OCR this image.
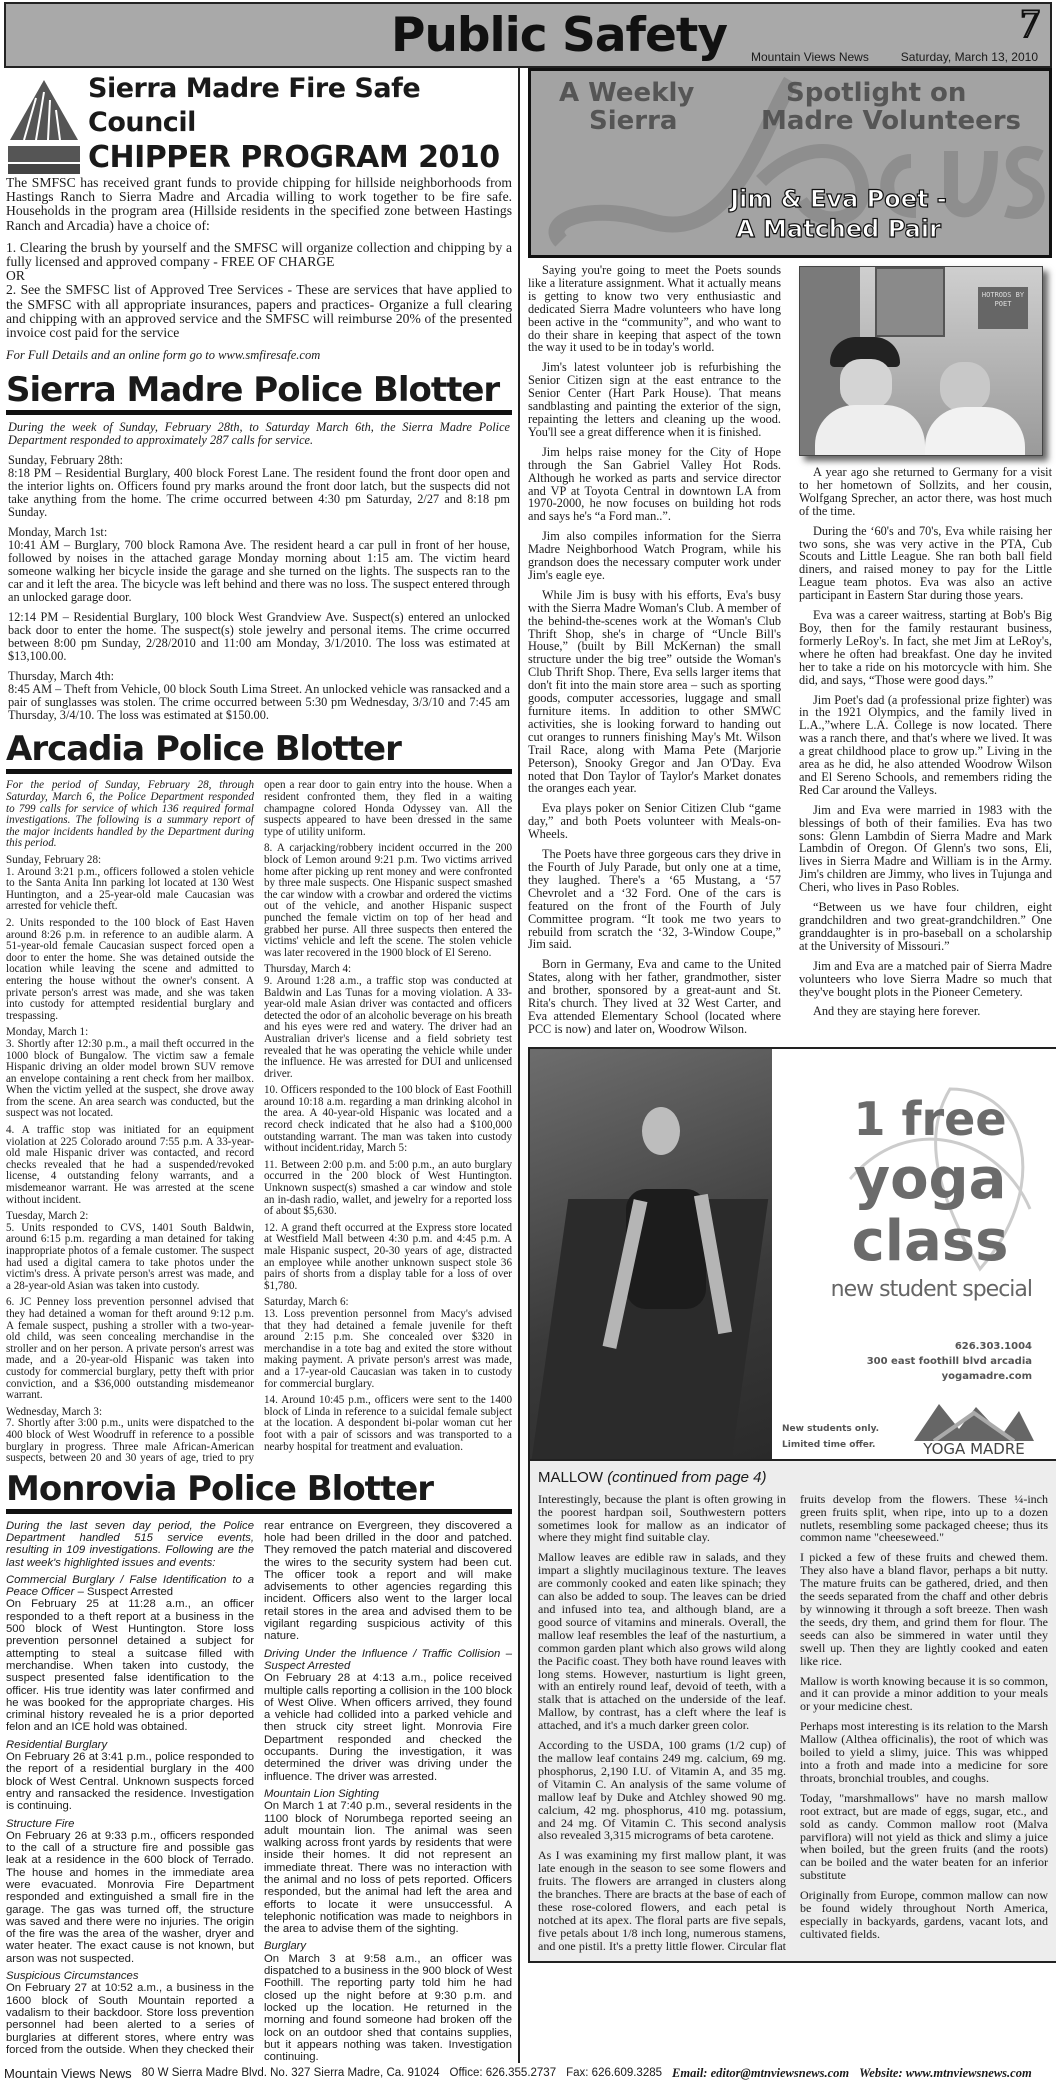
Public Safety Mountain Views News	Saturday, March 13, 2010
7
Sierra Madre Fire Safe Council
CHIPPER PROGRAM 2010

The SMFSC has received grant funds to provide chipping for hillside neighborhoods from Hastings Ranch to Sierra Madre and Arcadia willing to work together to be fire safe. Households in the program area (Hillside residents in the specified zone between Hastings Ranch and Arcadia) have a choice of:

1. Clearing the brush by yourself and the SMFSC will organize collection and chipping by a fully licensed and approved company - FREE OF CHARGE

OR

2. See the SMFSC list of Approved Tree Services - These are services that have applied to the SMFSC with all appropriate insurances, papers and practices- Organize a full clearing and chipping with an approved service and the SMFSC will reimburse 20% of the presented invoice cost paid for the service

For Full Details and an online form go to www.smfiresafe.com

Sierra Madre Police Blotter

During the week of Sunday, February 28th, to Saturday March 6th, the Sierra Madre Police Department responded to approximately 287 calls for service.

Sunday, February 28th:
8:18 PM – Residential Burglary, 400 block Forest Lane. The resident found the front door open and the interior lights on. Officers found pry marks around the front door latch, but the suspects did not take anything from the home. The crime occurred between 4:30 pm Saturday, 2/27 and 8:18 pm Sunday.

Monday, March 1st:
10:41 AM – Burglary, 700 block Ramona Ave. The resident heard a car pull in front of her house, followed by noises in the attached garage Monday morning about 1:15 am. The victim heard someone walking her bicycle inside the garage and she turned on the lights. The suspects ran to the car and it left the area. The bicycle was left behind and there was no loss. The suspect entered through an unlocked garage door.

12:14 PM – Residential Burglary, 100 block West Grandview Ave. Suspect(s) entered an unlocked back door to enter the home. The suspect(s) stole jewelry and personal items. The crime occurred between 8:00 pm Sunday, 2/28/2010 and 11:00 am Monday, 3/1/2010. The loss was estimated at $13,100.00.

Thursday, March 4th:
8:45 AM – Theft from Vehicle, 00 block South Lima Street. An unlocked vehicle was ransacked and a pair of sunglasses was stolen. The crime occurred between 5:30 pm Wednesday, 3/3/10 and 7:45 am Thursday, 3/4/10. The loss was estimated at $150.00.

Arcadia Police Blotter

For the period of Sunday, February 28, through Saturday, March 6, the Police Department responded to 799 calls for service of which 136 required formal investigations. The following is a summary report of the major incidents handled by the Department during this period.

Sunday, February 28:
1. Around 3:21 p.m., officers followed a stolen vehicle to the Santa Anita Inn parking lot located at 130 West Huntington, and a 25-year-old male Caucasian was arrested for vehicle theft.

2. Units responded to the 100 block of East Haven around 8:26 p.m. in reference to an audible alarm. A 51-year-old female Caucasian suspect forced open a door to enter the home. She was detained outside the location while leaving the scene and admitted to entering the house without the owner's consent. A private person's arrest was made, and she was taken into custody for attempted residential burglary and trespassing.

Monday, March 1:
3. Shortly after 12:30 p.m., a mail theft occurred in the 1000 block of Bungalow. The victim saw a female Hispanic driving an older model brown SUV remove an envelope containing a rent check from her mailbox. When the victim yelled at the suspect, she drove away from the scene. An area search was conducted, but the suspect was not located.

4. A traffic stop was initiated for an equipment violation at 225 Colorado around 7:55 p.m. A 33-year-old male Hispanic driver was contacted, and record checks revealed that he had a suspended/revoked license, 4 outstanding felony warrants, and a misdemeanor warrant. He was arrested at the scene without incident.

Tuesday, March 2:
5. Units responded to CVS, 1401 South Baldwin, around 6:15 p.m. regarding a man detained for taking inappropriate photos of a female customer. The suspect had used a digital camera to take photos under the victim's dress. A private person's arrest was made, and a 28-year-old Asian was taken into custody.

6. JC Penney loss prevention personnel advised that they had detained a woman for theft around 9:12 p.m. A female suspect, pushing a stroller with a two-year-old child, was seen concealing merchandise in the stroller and on her person. A private person's arrest was made, and a 20-year-old Hispanic was taken into custody for commercial burglary, petty theft with prior conviction, and a $36,000 outstanding misdemeanor warrant.

Wednesday, March 3:
7. Shortly after 3:00 p.m., units were dispatched to the 400 block of West Woodruff in reference to a possible burglary in progress. Three male African-American suspects, between 20 and 30 years of age, tried to pry open a rear door to gain entry into the house. When a resident confronted them, they fled in a waiting champagne colored Honda Odyssey van. All the suspects appeared to have been dressed in the same type of utility uniform.

8. A carjacking/robbery incident occurred in the 200 block of Lemon around 9:21 p.m. Two victims arrived home after picking up rent money and were confronted by three male suspects. One Hispanic suspect smashed the car window with a crowbar and ordered the victims out of the vehicle, and another Hispanic suspect punched the female victim on top of her head and grabbed her purse. All three suspects then entered the victims' vehicle and left the scene. The stolen vehicle was later recovered in the 1900 block of El Sereno.

Thursday, March 4:
9. Around 1:28 a.m., a traffic stop was conducted at Baldwin and Las Tunas for a moving violation. A 33-year-old male Asian driver was contacted and officers detected the odor of an alcoholic beverage on his breath and his eyes were red and watery. The driver had an Australian driver's license and a field sobriety test revealed that he was operating the vehicle while under the influence. He was arrested for DUI and unlicensed driver.

10. Officers responded to the 100 block of East Foothill around 10:18 a.m. regarding a man drinking alcohol in the area. A 40-year-old Hispanic was located and a record check indicated that he also had a $100,000 outstanding warrant. The man was taken into custody without incident.riday, March 5:

11. Between 2:00 p.m. and 5:00 p.m., an auto burglary occurred in the 200 block of West Huntington. Unknown suspect(s) smashed a car window and stole an in-dash radio, wallet, and jewelry for a reported loss of about $5,630.

12. A grand theft occurred at the Express store located at Westfield Mall between 4:30 p.m. and 4:45 p.m. A male Hispanic suspect, 20-30 years of age, distracted an employee while another unknown suspect stole 36 pairs of shorts from a display table for a loss of over $1,780.

Saturday, March 6:
13. Loss prevention personnel from Macy's advised that they had detained a female juvenile for theft around 2:15 p.m. She concealed over $320 in merchandise in a tote bag and exited the store without making payment. A private person's arrest was made, and a 17-year-old Caucasian was taken in to custody for commercial burglary.

14. Around 10:45 p.m., officers were sent to the 1400 block of Linda in reference to a suicidal female subject at the location. A despondent bi-polar woman cut her foot with a pair of scissors and was transported to a nearby hospital for treatment and evaluation.

Monrovia Police Blotter

During the last seven day period, the Police Department handled 515 service events, resulting in 109 investigations. Following are the last week's highlighted issues and events:

Commercial Burglary / False Identification to a Peace Officer – Suspect Arrested
On February 25 at 11:28 a.m., an officer responded to a theft report at a business in the 500 block of West Huntington. Store loss prevention personnel detained a subject for attempting to steal a suitcase filled with merchandise. When taken into custody, the suspect presented false identification to the officer. His true identity was later confirmed and he was booked for the appropriate charges. His criminal history revealed he is a prior deported felon and an ICE hold was obtained.

Residential Burglary
On February 26 at 3:41 p.m., police responded to the report of a residential burglary in the 400 block of West Central. Unknown suspects forced entry and ransacked the residence. Investigation is continuing.

Structure Fire
On February 26 at 9:33 p.m., officers responded to the call of a structure fire and possible gas leak at a residence in the 600 block of Terrado. The house and homes in the immediate area were evacuated. Monrovia Fire Department responded and extinguished a small fire in the garage. The gas was turned off, the structure was saved and there were no injuries. The origin of the fire was the area of the washer, dryer and water heater. The exact cause is not known, but arson was not suspected.

Suspicious Circumstances
On February 27 at 10:52 a.m., a business in the 1600 block of South Mountain reported a vadalism to their backdoor. Store loss prevention personnel had been alerted to a series of burglaries at different stores, where entry was forced from the outside. When they checked their rear entrance on Evergreen, they discovered a hole had been drilled in the door and patched. They removed the patch material and discovered the wires to the security system had been cut. The officer took a report and will make advisements to other agencies regarding this incident. Officers also went to the larger local retail stores in the area and advised them to be vigilant regarding suspicious activity of this nature.

Driving Under the Influence / Traffic Collision – Suspect Arrested
On February 28 at 4:13 a.m., police received multiple calls reporting a collision in the 100 block of West Olive. When officers arrived, they found a vehicle had collided into a parked vehicle and then struck city street light. Monrovia Fire Department responded and checked the occupants. During the investigation, it was determined the driver was driving under the influence. The driver was arrested.

Mountain Lion Sighting
On March 1 at 7:40 p.m., several residents in the 1100 block of Norumbega reported seeing an adult mountain lion. The animal was seen walking across front yards by residents that were inside their homes. It did not represent an immediate threat. There was no interaction with the animal and no loss of pets reported. Officers responded, but the animal had left the area and efforts to locate it were unsuccessful. A telephonic notification was made to neighbors in the area to advise them of the sighting.

Burglary
On March 3 at 9:58 a.m., an officer was dispatched to a business in the 900 block of West Foothill. The reporting party told him he had closed up the night before at 9:30 p.m. and locked up the location. He returned in the morning and found someone had broken off the lock on an outdoor shed that contains supplies, but it appears nothing was taken. Investigation continuing.

A Weekly
Sierra
Spotlight on
Madre Volunteers
Jim & Eva Poet -
A Matched Pair

Saying you're going to meet the Poets sounds like a literature assignment. What it actually means is getting to know two very enthusiastic and dedicated Sierra Madre volunteers who have long been active in the “community”, and who want to do their share in keeping that aspect of the town the way it used to be in today's world.

Jim's latest volunteer job is refurbishing the Senior Citizen sign at the east entrance to the Senior Center (Hart Park House). That means sandblasting and painting the exterior of the sign, repainting the letters and cleaning up the wood. You'll see a great difference when it is finished.

Jim helps raise money for the City of Hope through the San Gabriel Valley Hot Rods. Although he worked as parts and service director and VP at Toyota Central in downtown LA from 1970-2000, he now focuses on building hot rods and says he's “a Ford man..”.

Jim also compiles information for the Sierra Madre Neighborhood Watch Program, while his grandson does the necessary computer work under Jim's eagle eye.

While Jim is busy with his efforts, Eva's busy with the Sierra Madre Woman's Club. A member of the behind-the-scenes work at the Woman's Club Thrift Shop, she's in charge of “Uncle Bill's House,” (built by Bill McKernan) the small structure under the big tree” outside the Woman's Club Thrift Shop. There, Eva sells larger items that don't fit into the main store area – such as sporting goods, computer accessories, luggage and small furniture items. In addition to other SMWC activities, she is looking forward to handing out cut oranges to runners finishing May's Mt. Wilson Trail Race, along with Mama Pete (Marjorie Peterson), Snooky Gregor and Jan O'Day. Eva noted that Don Taylor of Taylor's Market donates the oranges each year.

Eva plays poker on Senior Citizen Club “game day,” and both Poets volunteer with Meals-on-Wheels.

The Poets have three gorgeous cars they drive in the Fourth of July Parade, but only one at a time, they laughed. There's a ‘65 Mustang, a ‘57 Chevrolet and a ‘32 Ford. One of the cars is featured on the front of the Fourth of July Committee program. “It took me two years to rebuild from scratch the ‘32, 3-Window Coupe,” Jim said.

Born in Germany, Eva and came to the United States, along with her father, grandmother, sister and brother, sponsored by a great-aunt and St. Rita's church. They lived at 32 West Carter, and Eva attended Elementary School (located where PCC is now) and later on, Woodrow Wilson.

HOTRODS BY POET

A year ago she returned to Germany for a visit to her hometown of Sollzits, and her cousin, Wolfgang Sprecher, an actor there, was host much of the time.

During the ‘60's and 70's, Eva while raising her two sons, she was very active in the PTA, Cub Scouts and Little League. She ran both ball field diners, and raised money to pay for the Little League team photos. Eva was also an active participant in Eastern Star during those years.

Eva was a career waitress, starting at Bob's Big Boy, then for the family restaurant business, formerly LeRoy's. In fact, she met Jim at LeRoy's, where he often had breakfast. One day he invited her to take a ride on his motorcycle with him. She did, and says, “Those were good days.”

Jim Poet's dad (a professional prize fighter) was in the 1921 Olympics, and the family lived in L.A.,”where L.A. College is now located. There was a ranch there, and that's where we lived. It was a great childhood place to grow up.” Living in the area as he did, he also attended Woodrow Wilson and El Sereno Schools, and remembers riding the Red Car around the Valleys.

Jim and Eva were married in 1983 with the blessings of both of their families. Eva has two sons: Glenn Lambdin of Sierra Madre and Mark Lambdin of Oregon. Of Glenn's two sons, Eli, lives in Sierra Madre and William is in the Army. Jim's children are Jimmy, who lives in Tujunga and Cheri, who lives in Paso Robles.

“Between us we have four children, eight grandchildren and two great-grandchildren.” One granddaughter is in pro-baseball on a scholarship at the University of Missouri.”

Jim and Eva are a matched pair of Sierra Madre volunteers who love Sierra Madre so much that they've bought plots in the Pioneer Cemetery.

And they are staying here forever.

1 free
yoga
class
new student special
626.303.1004
300 east foothill blvd arcadia
yogamadre.com
New students only.
Limited time offer.	YOGA MADRE
MALLOW (continued from page 4)

Interestingly, because the plant is often growing in the poorest hardpan soil, Southwestern potters sometimes look for mallow as an indicator of where they might find suitable clay.

Mallow leaves are edible raw in salads, and they impart a slightly mucilaginous texture. The leaves are commonly cooked and eaten like spinach; they can also be added to soup. The leaves can be dried and infused into tea, and although bland, are a good source of vitamins and minerals. Overall, the mallow leaf resembles the leaf of the nasturtium, a common garden plant which also grows wild along the Pacific coast. They both have round leaves with long stems. However, nasturtium is light green, with an entirely round leaf, devoid of teeth, with a stalk that is attached on the underside of the leaf. Mallow, by contrast, has a cleft where the leaf is attached, and it's a much darker green color.

According to the USDA, 100 grams (1/2 cup) of the mallow leaf contains 249 mg. calcium, 69 mg. phosphorus, 2,190 I.U. of Vitamin A, and 35 mg. of Vitamin C. An analysis of the same volume of mallow leaf by Duke and Atchley showed 90 mg. calcium, 42 mg. phosphorus, 410 mg. potassium, and 24 mg. Of Vitamin C. This second analysis also revealed 3,315 micrograms of beta carotene.

As I was examining my first mallow plant, it was late enough in the season to see some flowers and fruits. The flowers are arranged in clusters along the branches. There are bracts at the base of each of these rose-colored flowers, and each petal is notched at its apex. The floral parts are five sepals, five petals about 1/8 inch long, numerous stamens, and one pistil. It's a pretty little flower. Circular flat fruits develop from the flowers. These ¼-inch green fruits split, when ripe, into up to a dozen nutlets, resembling some packaged cheese; thus its common name "cheeseweed."

I picked a few of these fruits and chewed them. They also have a bland flavor, perhaps a bit nutty. The mature fruits can be gathered, dried, and then the seeds separated from the chaff and other debris by winnowing it through a soft breeze. Then wash the seeds, dry them, and grind them for flour. The seeds can also be simmered in water until they swell up. Then they are lightly cooked and eaten like rice.

Mallow is worth knowing because it is so common, and it can provide a minor addition to your meals or your medicine chest.

Perhaps most interesting is its relation to the Marsh Mallow (Althea officinalis), the root of which was boiled to yield a slimy, juice. This was whipped into a froth and made into a medicine for sore throats, bronchial troubles, and coughs.

Today, "marshmallows" have no marsh mallow root extract, but are made of eggs, sugar, etc., and sold as candy. Common mallow root (Malva parviflora) will not yield as thick and slimy a juice when boiled, but the green fruits (and the roots) can be boiled and the water beaten for an inferior substitute

Originally from Europe, common mallow can now be found widely throughout North America, especially in backyards, gardens, vacant lots, and cultivated fields.

Mountain Views News 80 W Sierra Madre Blvd. No. 327 Sierra Madre, Ca. 91024 Office: 626.355.2737 Fax: 626.609.3285 Email: editor@mtnviewsnews.com Website: www.mtnviewsnews.com
